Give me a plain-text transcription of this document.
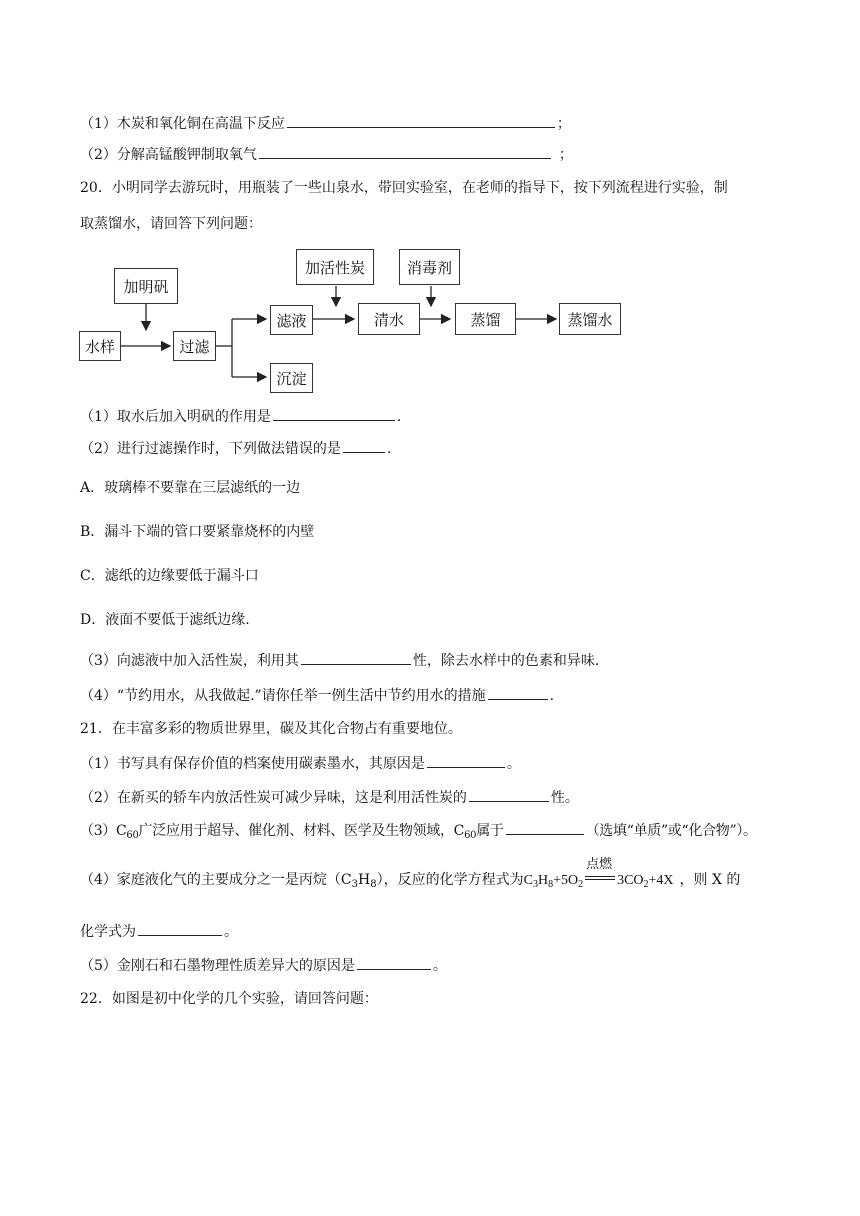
（1）木炭和氧化铜在高温下反应	；
（2）分解高锰酸钾制取氧气	；
20．小明同学去游玩时，用瓶装了一些山泉水，带回实验室，在老师的指导下，按下列流程进行实验，制
取蒸馏水，请回答下列问题：
加明矾
水样	过滤
滤液
沉淀
加活性炭
清水
消毒剂
蒸馏	蒸馏水
（1）取水后加入明矾的作用是	.
（2）进行过滤操作时，下列做法错误的是	.
A．玻璃棒不要靠在三层滤纸的一边
B．漏斗下端的管口要紧靠烧杯的内壁
C．滤纸的边缘要低于漏斗口
D．液面不要低于滤纸边缘.
（3）向滤液中加入活性炭，利用其	性，除去水样中的色素和异味.
（4）“节约用水，从我做起.”请你任举一例生活中节约用水的措施	.
21．在丰富多彩的物质世界里，碳及其化合物占有重要地位。
（1）书写具有保存价值的档案使用碳素墨水，其原因是	。
（2）在新买的轿车内放活性炭可减少异味，这是利用活性炭的	性。
$(3)C_{60}$广泛应用于超导、催化剂、材料、医学及生物领域，$C_{60}$属于	（选填“单质”或“化合物”）。
（4）家庭液化气的主要成分之一是丙烷$(C_3H_8)$，反应的化学方程式为$C_3H_8+5O_2$
点燃
$3CO_2+4X$ ，则 X 的
化学式为	。
（5）金刚石和石墨物理性质差异大的原因是	。
22．如图是初中化学的几个实验，请回答问题：
